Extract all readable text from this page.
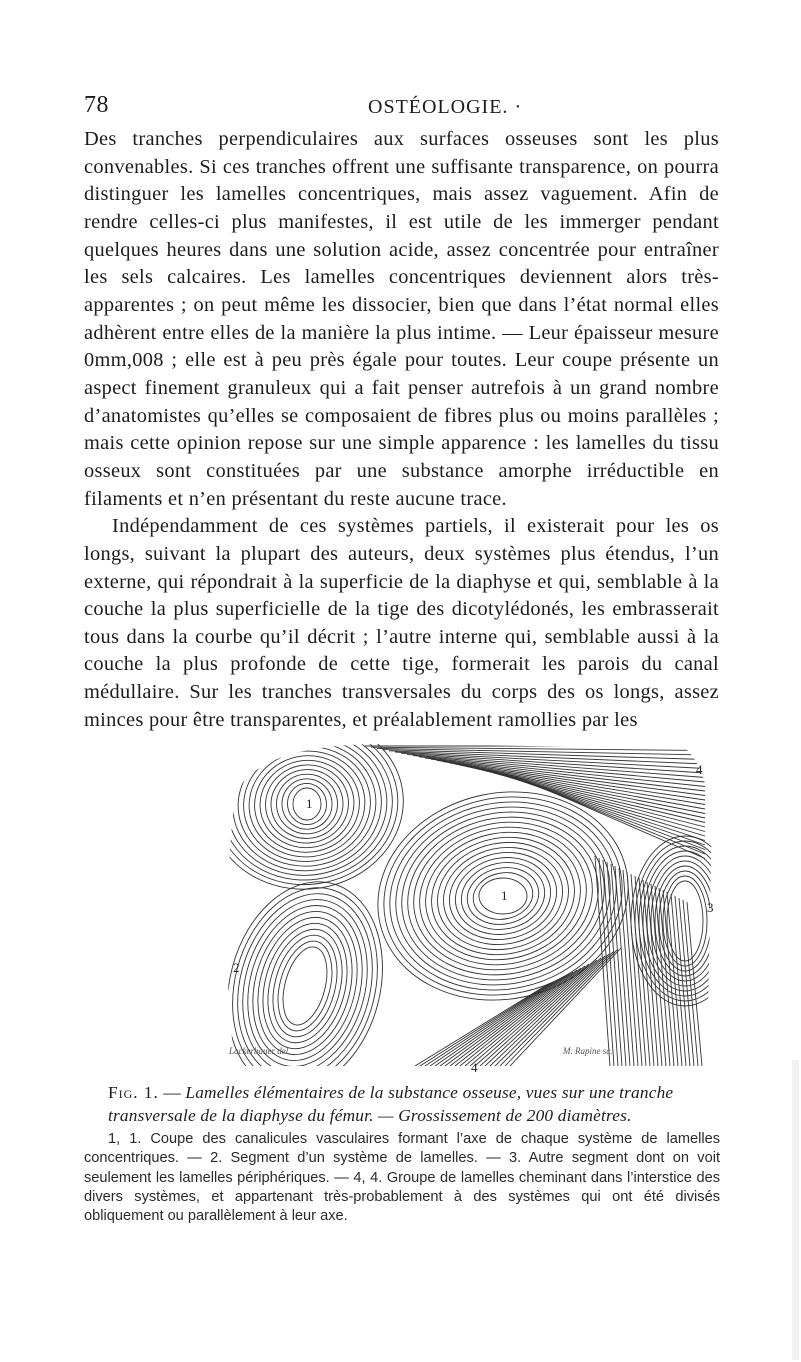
78	OSTÉOLOGIE. ·

Des tranches perpendiculaires aux surfaces osseuses sont les plus convenables. Si ces tranches offrent une suffisante transparence, on pourra distinguer les lamelles concentriques, mais assez vaguement. Afin de rendre celles-ci plus manifestes, il est utile de les immerger pendant quelques heures dans une solution acide, assez concentrée pour entraîner les sels calcaires. Les lamelles concentriques deviennent alors très-apparentes ; on peut même les dissocier, bien que dans l’état normal elles adhèrent entre elles de la manière la plus intime. — Leur épaisseur mesure 0mm,008 ; elle est à peu près égale pour toutes. Leur coupe présente un aspect finement granuleux qui a fait penser autrefois à un grand nombre d’anatomistes qu’elles se composaient de fibres plus ou moins parallèles ; mais cette opinion repose sur une simple apparence : les lamelles du tissu osseux sont constituées par une substance amorphe irréductible en filaments et n’en présentant du reste aucune trace.

Indépendamment de ces systèmes partiels, il existerait pour les os longs, suivant la plupart des auteurs, deux systèmes plus étendus, l’un externe, qui répondrait à la superficie de la diaphyse et qui, semblable à la couche la plus superficielle de la tige des dicotylédonés, les embrasserait tous dans la courbe qu’il décrit ; l’autre interne qui, semblable aussi à la couche la plus profonde de cette tige, formerait les parois du canal médullaire. Sur les tranches transversales du corps des os longs, assez minces pour être transparentes, et préalablement ramollies par les

1
1
2
3
4
4
Lackerbauer del.	M. Rapine sc.
Fig. 1. — Lamelles élémentaires de la substance osseuse, vues sur une tranche transversale de la diaphyse du fémur. — Grossissement de 200 diamètres.

1, 1. Coupe des canalicules vasculaires formant l’axe de chaque système de lamelles concentriques. — 2. Segment d’un système de lamelles. — 3. Autre segment dont on voit seulement les lamelles périphériques. — 4, 4. Groupe de lamelles cheminant dans l’interstice des divers systèmes, et appartenant très-probablement à des systèmes qui ont été divisés obliquement ou parallèlement à leur axe.
